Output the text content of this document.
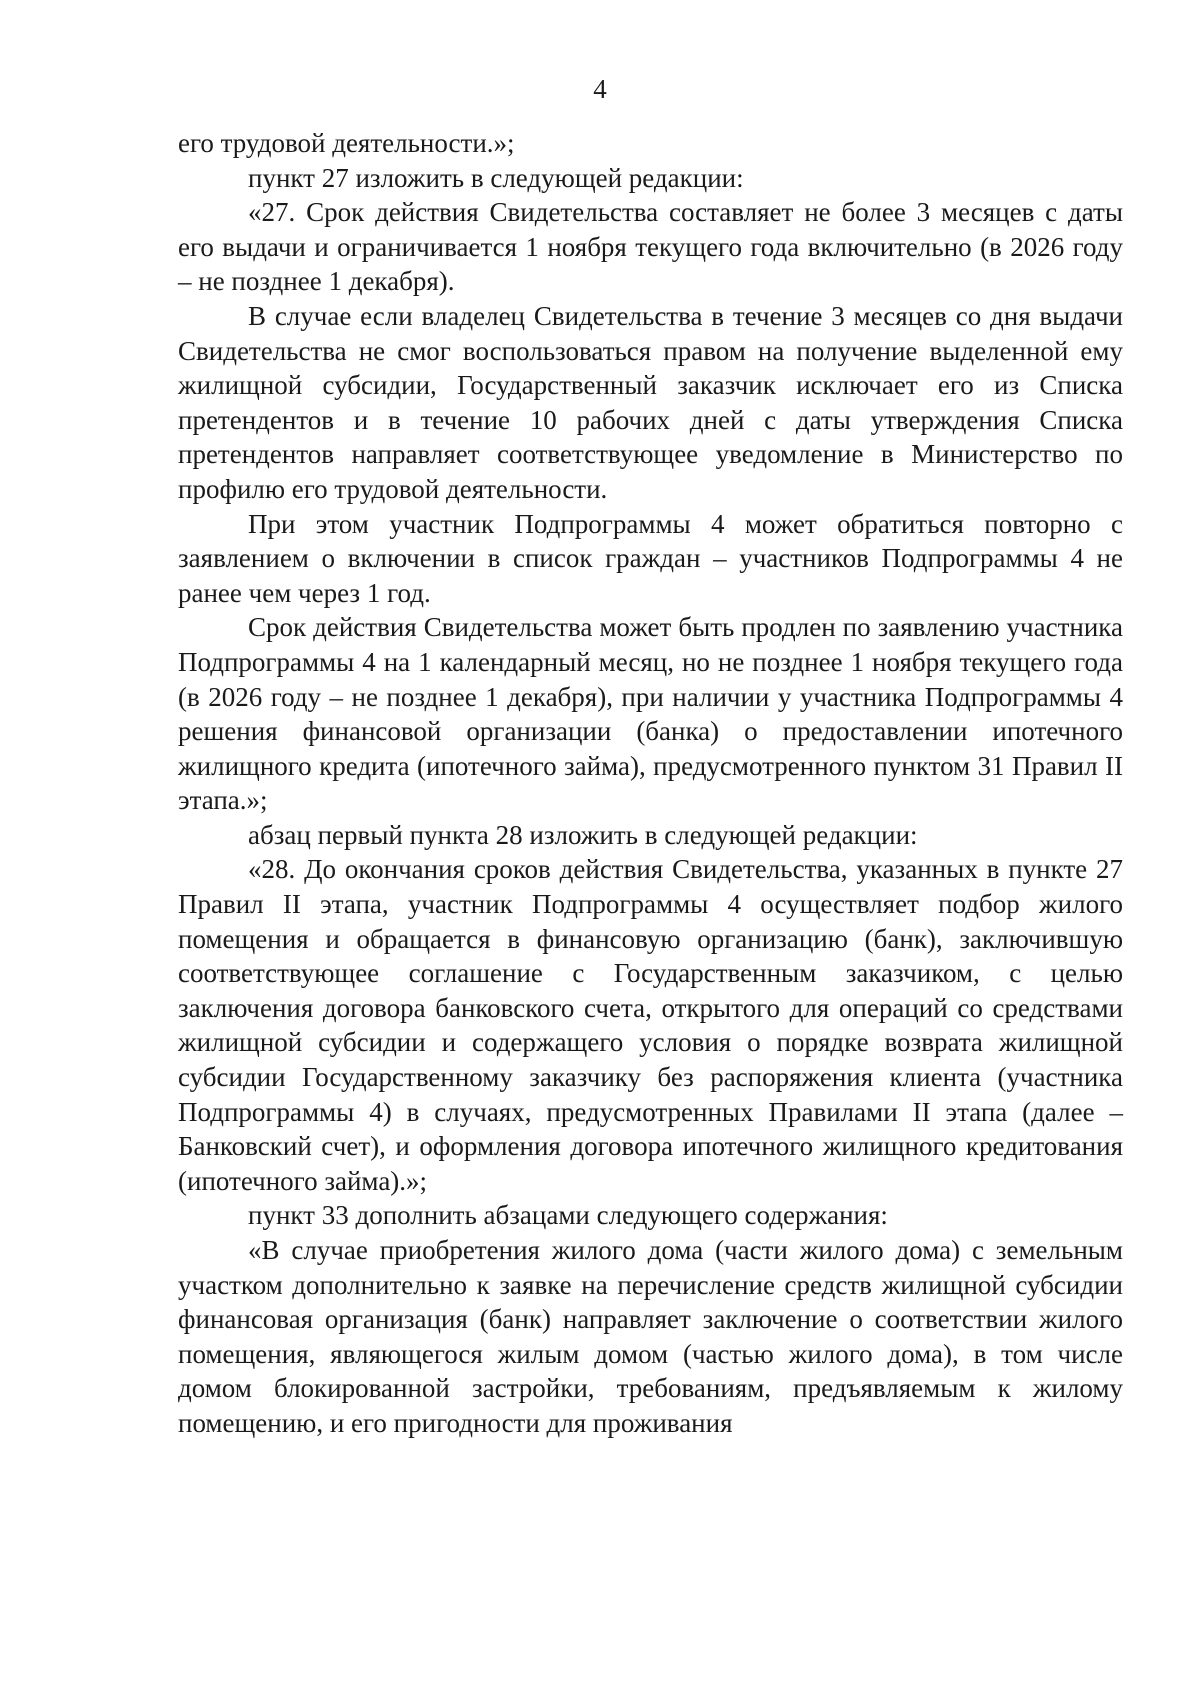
4

его трудовой деятельности.»;

пункт 27 изложить в следующей редакции:

«27. Срок действия Свидетельства составляет не более 3 месяцев с даты его выдачи и ограничивается 1 ноября текущего года включительно (в 2026 году – не позднее 1 декабря).

В случае если владелец Свидетельства в течение 3 месяцев со дня выдачи Свидетельства не смог воспользоваться правом на получение выделенной ему жилищной субсидии, Государственный заказчик исключает его из Списка претендентов и в течение 10 рабочих дней с даты утверждения Списка претендентов направляет соответствующее уведомление в Министерство по профилю его трудовой деятельности.

При этом участник Подпрограммы 4 может обратиться повторно с заявлением о включении в список граждан – участников Подпрограммы 4 не ранее чем через 1 год.

Срок действия Свидетельства может быть продлен по заявлению участника Подпрограммы 4 на 1 календарный месяц, но не позднее 1 ноября текущего года (в 2026 году – не позднее 1 декабря), при наличии у участника Подпрограммы 4 решения финансовой организации (банка) о предоставлении ипотечного жилищного кредита (ипотечного займа), предусмотренного пунктом 31 Правил II этапа.»;

абзац первый пункта 28 изложить в следующей редакции:

«28. До окончания сроков действия Свидетельства, указанных в пункте 27 Правил II этапа, участник Подпрограммы 4 осуществляет подбор жилого помещения и обращается в финансовую организацию (банк), заключившую соответствующее соглашение с Государственным заказчиком, с целью заключения договора банковского счета, открытого для операций со средствами жилищной субсидии и содержащего условия о порядке возврата жилищной субсидии Государственному заказчику без распоряжения клиента (участника Подпрограммы 4) в случаях, предусмотренных Правилами II этапа (далее – Банковский счет), и оформления договора ипотечного жилищного кредитования (ипотечного займа).»;

пункт 33 дополнить абзацами следующего содержания:

«В случае приобретения жилого дома (части жилого дома) с земельным участком дополнительно к заявке на перечисление средств жилищной субсидии финансовая организация (банк) направляет заключение о соответствии жилого помещения, являющегося жилым домом (частью жилого дома), в том числе домом блокированной застройки, требованиям, предъявляемым к жилому помещению, и его пригодности для проживания
